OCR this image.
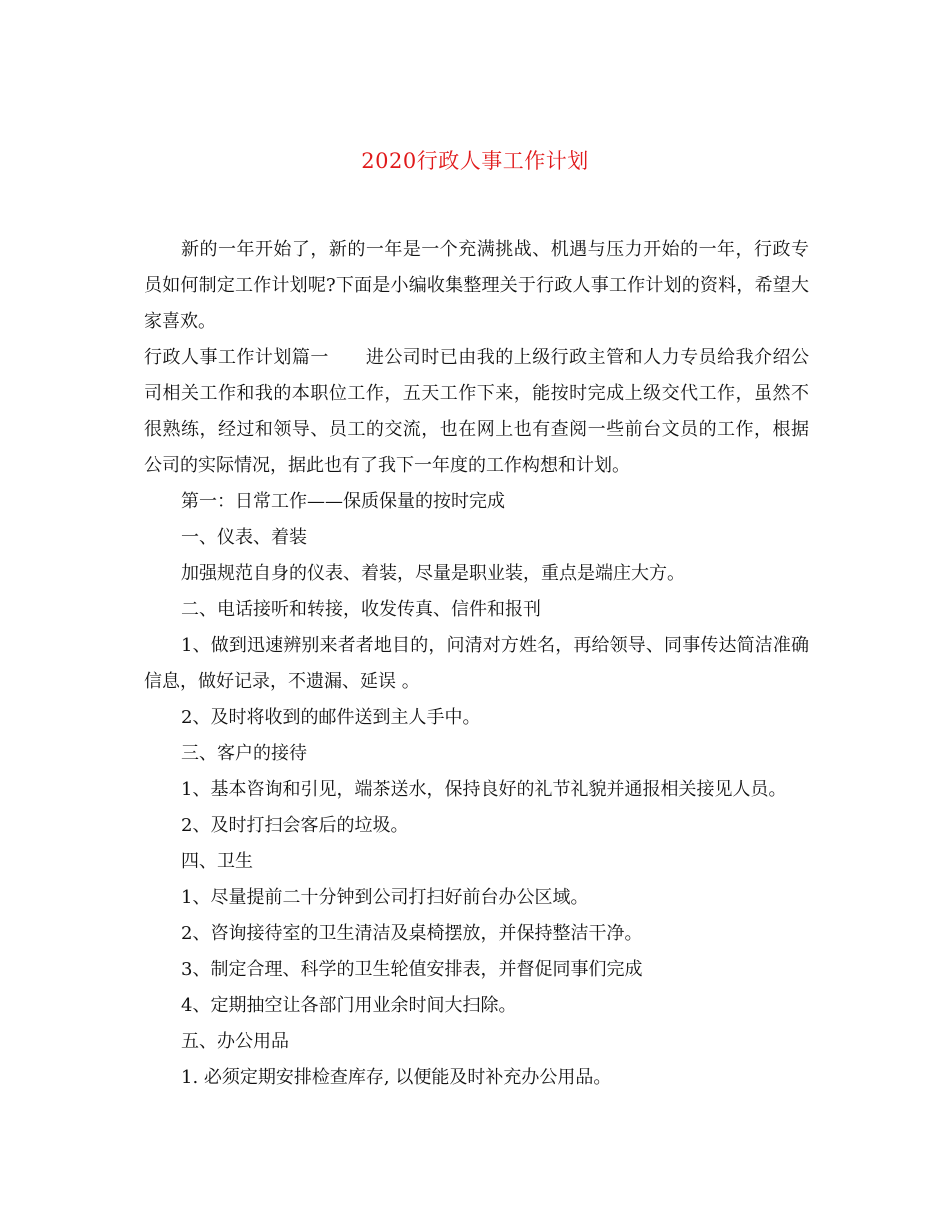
2020行政人事工作计划

新的一年开始了，新的一年是一个充满挑战、机遇与压力开始的一年，行政专员如何制定工作计划呢?下面是小编收集整理关于行政人事工作计划的资料，希望大家喜欢。

行政人事工作计划篇一　　进公司时已由我的上级行政主管和人力专员给我介绍公司相关工作和我的本职位工作，五天工作下来，能按时完成上级交代工作，虽然不很熟练，经过和领导、员工的交流，也在网上也有查阅一些前台文员的工作，根据公司的实际情况，据此也有了我下一年度的工作构想和计划。

第一：日常工作——保质保量的按时完成

一、仪表、着装

加强规范自身的仪表、着装，尽量是职业装，重点是端庄大方。

二、电话接听和转接，收发传真、信件和报刊

1、做到迅速辨别来者者地目的，问清对方姓名，再给领导、同事传达简洁准确信息，做好记录，不遗漏、延误 。

2、及时将收到的邮件送到主人手中。

三、客户的接待

1、基本咨询和引见，端茶送水，保持良好的礼节礼貌并通报相关接见人员。

2、及时打扫会客后的垃圾。

四、卫生

1、尽量提前二十分钟到公司打扫好前台办公区域。

2、咨询接待室的卫生清洁及桌椅摆放，并保持整洁干净。

3、制定合理、科学的卫生轮值安排表，并督促同事们完成

4、定期抽空让各部门用业余时间大扫除。

五、办公用品

1. 必须定期安排检查库存, 以便能及时补充办公用品。
